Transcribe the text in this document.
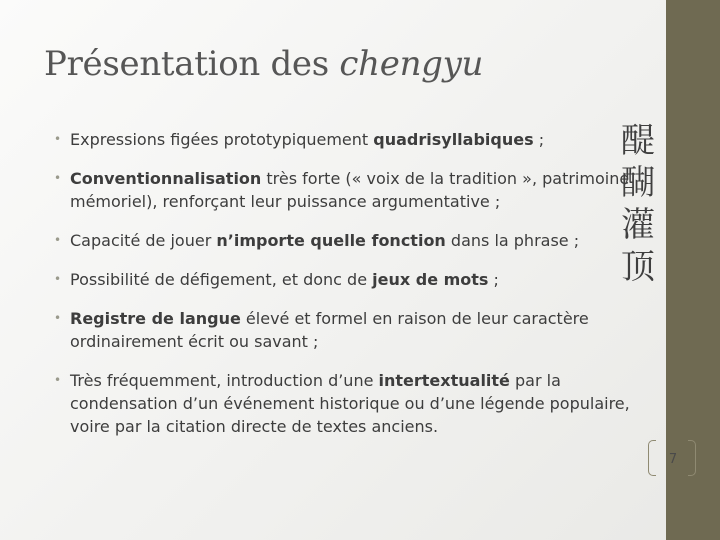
Présentation des chengyu
• Expressions figées prototypiquement quadrisyllabiques ;
• Conventionnalisation très forte (« voix de la tradition », patrimoine mémoriel), renforçant leur puissance argumentative ;
• Capacité de jouer n’importe quelle fonction dans la phrase ;
• Possibilité de défigement, et donc de jeux de mots ;
• Registre de langue élevé et formel en raison de leur caractère ordinairement écrit ou savant ;
• Très fréquemment, introduction d’une intertextualité par la condensation d’un événement historique ou d’une légende populaire, voire par la citation directe de textes anciens.
醍
醐
灌
顶
7
